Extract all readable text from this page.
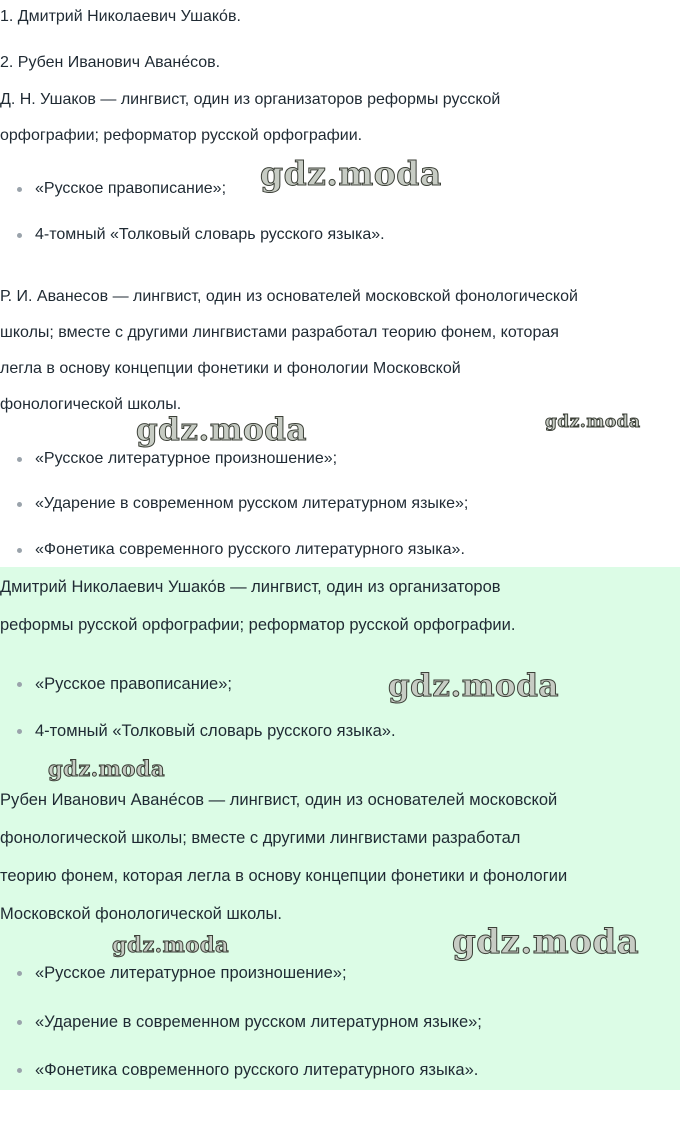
1. Дмитрий Николаевич Ушако́в.
2. Рубен Иванович Аване́сов.
Д. Н. Ушаков — лингвист, один из организаторов реформы русской
орфографии; реформатор русской орфографии.
«Русское правописание»;
4-томный «Толковый словарь русского языка».
Р. И. Аванесов — лингвист, один из основателей московской фонологической
школы; вместе с другими лингвистами разработал теорию фонем, которая
легла в основу концепции фонетики и фонологии Московской
фонологической школы.
«Русское литературное произношение»;
«Ударение в современном русском литературном языке»;
«Фонетика современного русского литературного языка».
Дмитрий Николаевич Ушако́в — лингвист, один из организаторов
реформы русской орфографии; реформатор русской орфографии.
«Русское правописание»;
4-томный «Толковый словарь русского языка».
Рубен Иванович Аване́сов — лингвист, один из основателей московской
фонологической школы; вместе с другими лингвистами разработал
теорию фонем, которая легла в основу концепции фонетики и фонологии
Московской фонологической школы.
«Русское литературное произношение»;
«Ударение в современном русском литературном языке»;
«Фонетика современного русского литературного языка».
gdz.moda
gdz.moda	gdz.moda
gdz.moda
gdz.moda
gdz.moda	gdz.moda
